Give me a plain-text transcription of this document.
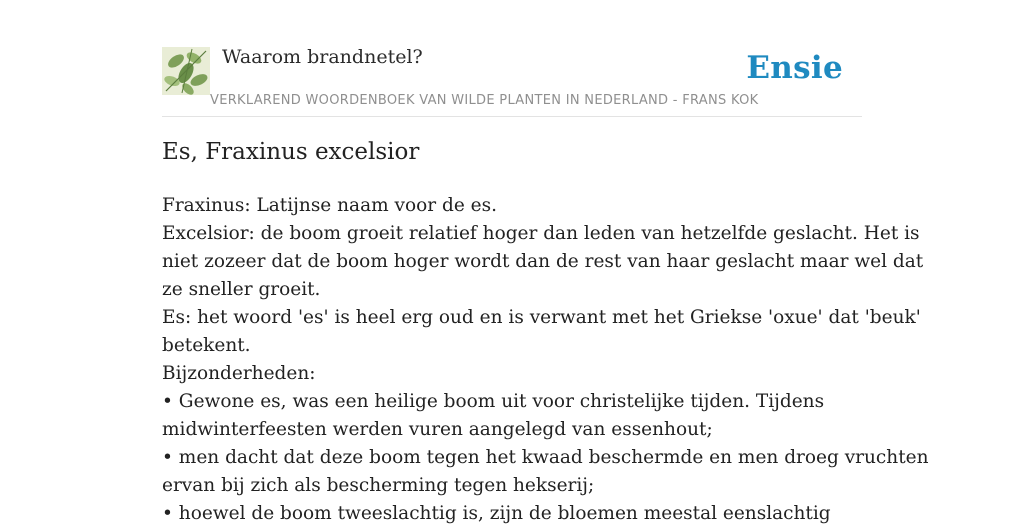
Waarom brandnetel?	Ensie
VERKLAREND WOORDENBOEK VAN WILDE PLANTEN IN NEDERLAND - FRANS KOK
Es, Fraxinus excelsior
Fraxinus: Latijnse naam voor de es.
Excelsior: de boom groeit relatief hoger dan leden van hetzelfde geslacht. Het is
niet zozeer dat de boom hoger wordt dan de rest van haar geslacht maar wel dat
ze sneller groeit.
Es: het woord 'es' is heel erg oud en is verwant met het Griekse 'oxue' dat 'beuk'
betekent.
Bijzonderheden:
• Gewone es, was een heilige boom uit voor christelijke tijden. Tijdens
midwinterfeesten werden vuren aangelegd van essenhout;
• men dacht dat deze boom tegen het kwaad beschermde en men droeg vruchten
ervan bij zich als bescherming tegen hekserij;
• hoewel de boom tweeslachtig is, zijn de bloemen meestal eenslachtig
